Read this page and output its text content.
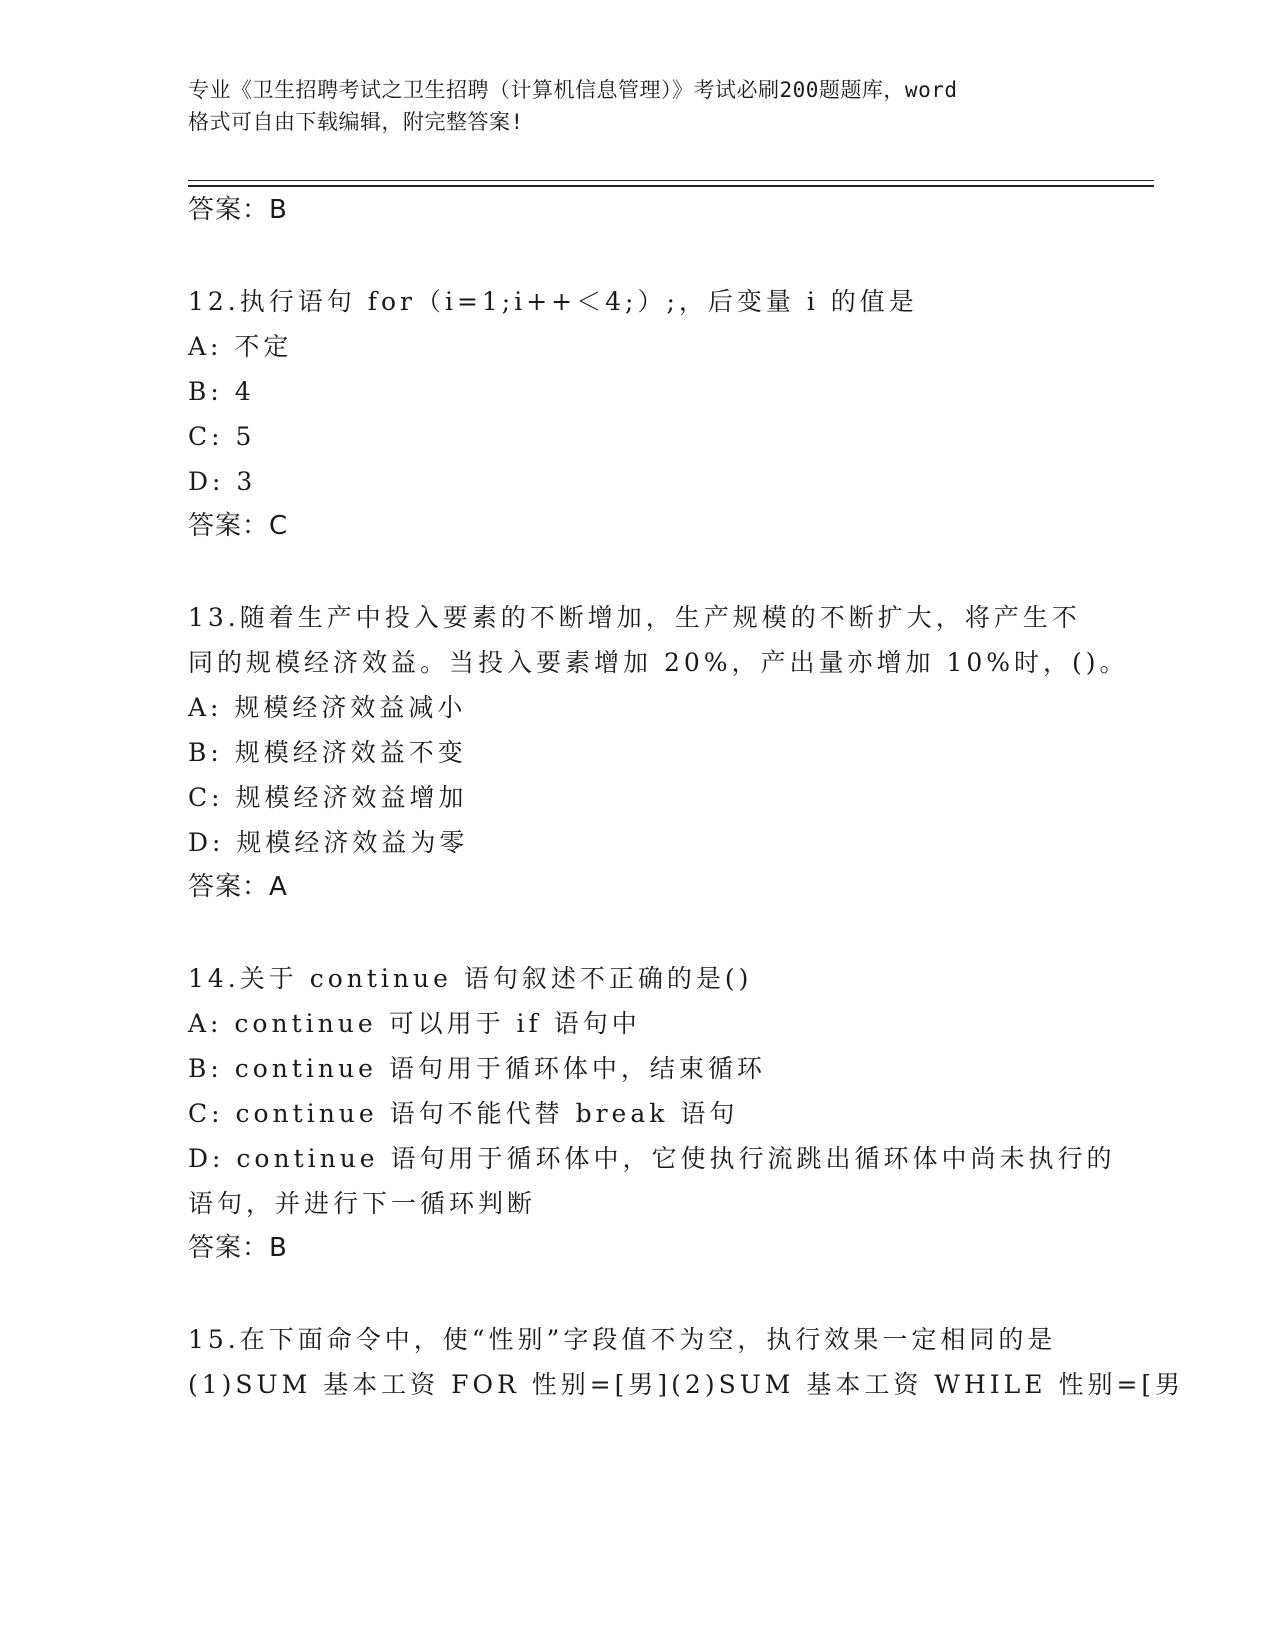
专业《卫生招聘考试之卫生招聘（计算机信息管理）》考试必刷200题题库，word
格式可自由下载编辑，附完整答案!
答案：B
12.执行语句 for（i=1;i++＜4;）;，后变量 i 的值是
A: 不定
B: 4
C: 5
D: 3
答案：C
13.随着生产中投入要素的不断增加，生产规模的不断扩大，将产生不
同的规模经济效益。当投入要素增加 20%，产出量亦增加 10%时，()。
A: 规模经济效益减小
B: 规模经济效益不变
C: 规模经济效益增加
D: 规模经济效益为零
答案：A
14.关于 continue 语句叙述不正确的是()
A: continue 可以用于 if 语句中
B: continue 语句用于循环体中，结束循环
C: continue 语句不能代替 break 语句
D: continue 语句用于循环体中，它使执行流跳出循环体中尚未执行的
语句，并进行下一循环判断
答案：B
15.在下面命令中，使“性别”字段值不为空，执行效果一定相同的是
(1)SUM 基本工资 FOR 性别=[男](2)SUM 基本工资 WHILE 性别=[男
